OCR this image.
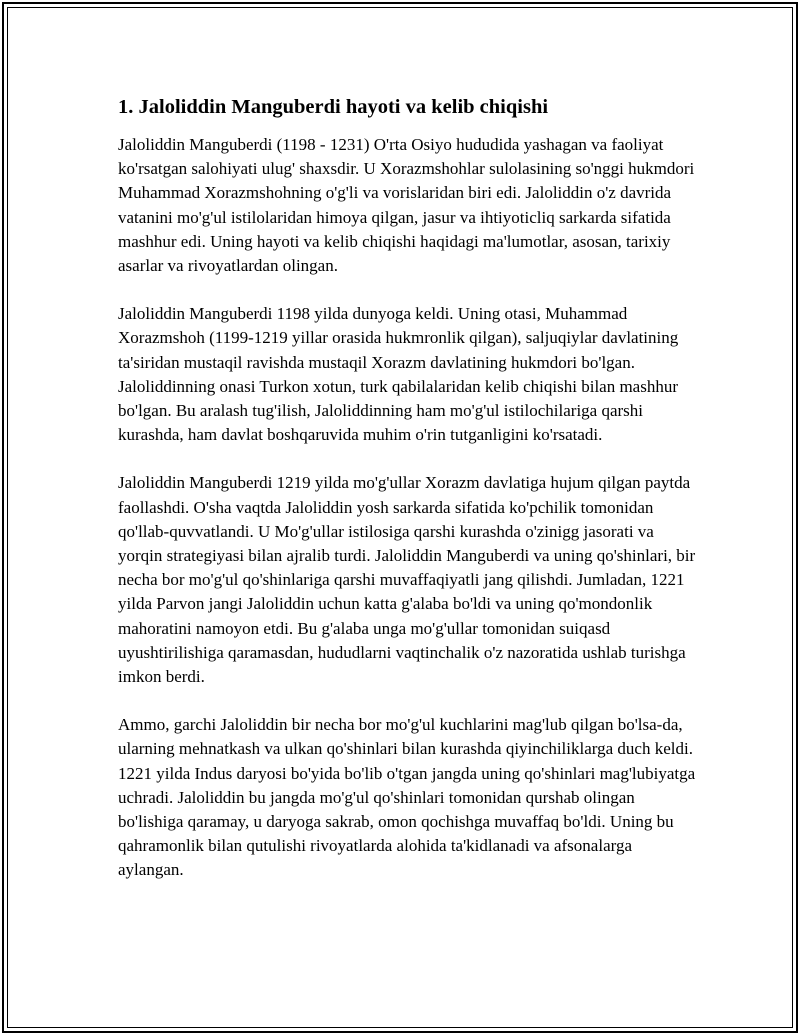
1. Jaloliddin Manguberdi hayoti va kelib chiqishi

Jaloliddin Manguberdi (1198 - 1231) O'rta Osiyo hududida yashagan va faoliyat ko'rsatgan salohiyati ulug' shaxsdir. U Xorazmshohlar sulolasining so'nggi hukmdori Muhammad Xorazmshohning o'g'li va vorislaridan biri edi. Jaloliddin o'z davrida vatanini mo'g'ul istilolaridan himoya qilgan, jasur va ihtiyoticliq sarkarda sifatida mashhur edi. Uning hayoti va kelib chiqishi haqidagi ma'lumotlar, asosan, tarixiy asarlar va rivoyatlardan olingan.

Jaloliddin Manguberdi 1198 yilda dunyoga keldi. Uning otasi, Muhammad Xorazmshoh (1199-1219 yillar orasida hukmronlik qilgan), saljuqiylar davlatining ta'siridan mustaqil ravishda mustaqil Xorazm davlatining hukmdori bo'lgan. Jaloliddinning onasi Turkon xotun, turk qabilalaridan kelib chiqishi bilan mashhur bo'lgan. Bu aralash tug'ilish, Jaloliddinning ham mo'g'ul istilochilariga qarshi kurashda, ham davlat boshqaruvida muhim o'rin tutganligini ko'rsatadi.

Jaloliddin Manguberdi 1219 yilda mo'g'ullar Xorazm davlatiga hujum qilgan paytda faollashdi. O'sha vaqtda Jaloliddin yosh sarkarda sifatida ko'pchilik tomonidan qo'llab-quvvatlandi. U Mo'g'ullar istilosiga qarshi kurashda o'zinigg jasorati va yorqin strategiyasi bilan ajralib turdi. Jaloliddin Manguberdi va uning qo'shinlari, bir necha bor mo'g'ul qo'shinlariga qarshi muvaffaqiyatli jang qilishdi. Jumladan, 1221 yilda Parvon jangi Jaloliddin uchun katta g'alaba bo'ldi va uning qo'mondonlik mahoratini namoyon etdi. Bu g'alaba unga mo'g'ullar tomonidan suiqasd uyushtirilishiga qaramasdan, hududlarni vaqtinchalik o'z nazoratida ushlab turishga imkon berdi.

Ammo, garchi Jaloliddin bir necha bor mo'g'ul kuchlarini mag'lub qilgan bo'lsa-da, ularning mehnatkash va ulkan qo'shinlari bilan kurashda qiyinchiliklarga duch keldi. 1221 yilda Indus daryosi bo'yida bo'lib o'tgan jangda uning qo'shinlari mag'lubiyatga uchradi. Jaloliddin bu jangda mo'g'ul qo'shinlari tomonidan qurshab olingan bo'lishiga qaramay, u daryoga sakrab, omon qochishga muvaffaq bo'ldi. Uning bu qahramonlik bilan qutulishi rivoyatlarda alohida ta'kidlanadi va afsonalarga aylangan.
